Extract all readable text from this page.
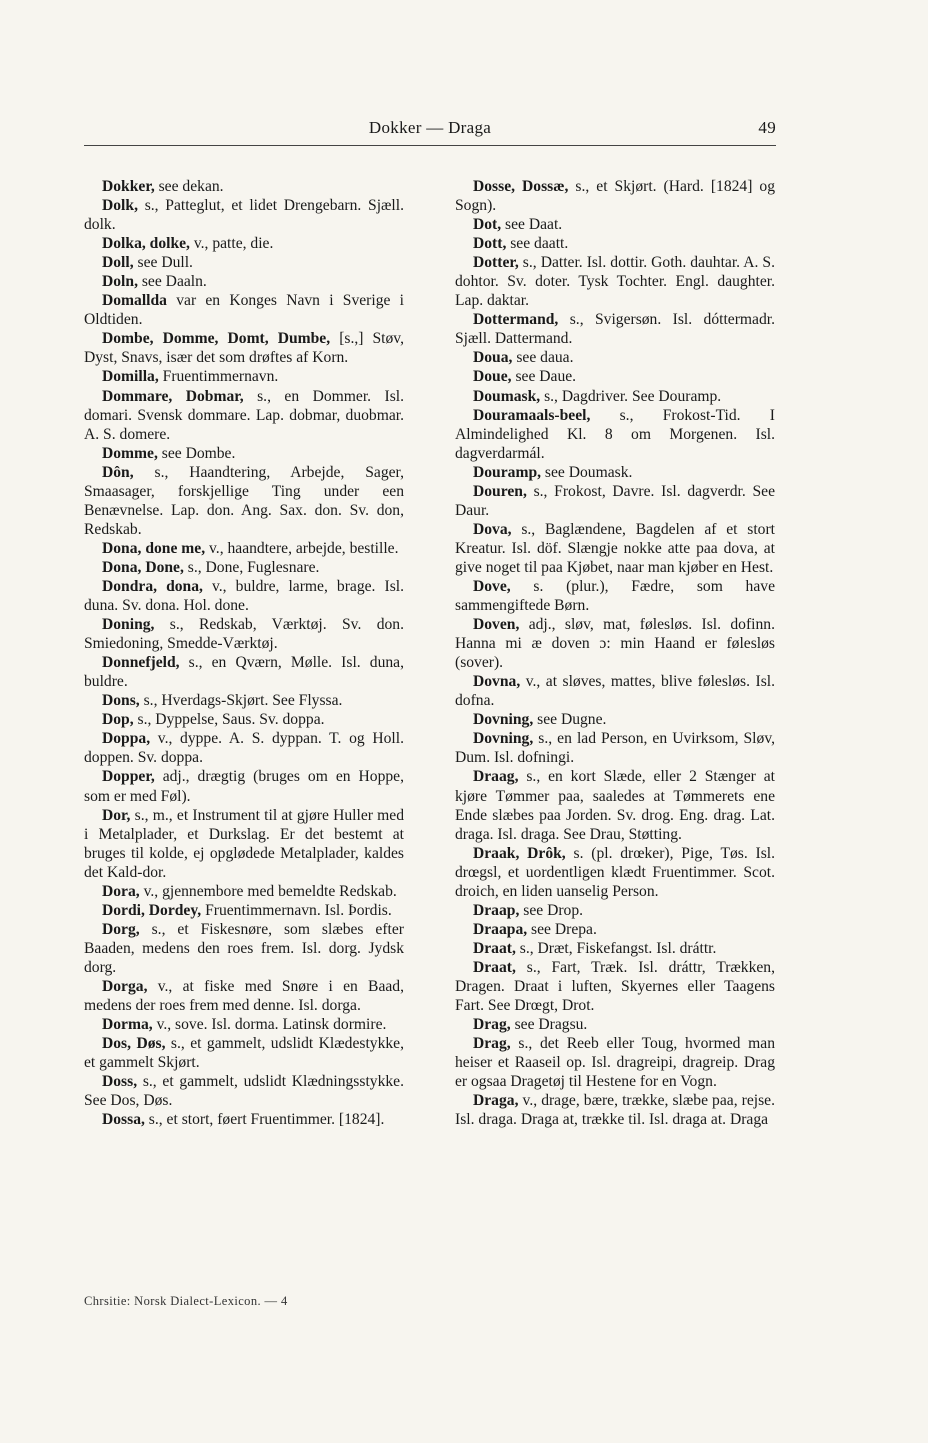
Dokker — Draga	49

Dokker, see dekan.

Dolk, s., Patteglut, et lidet Drengebarn. Sjæll. dolk.

Dolka, dolke, v., patte, die.

Doll, see Dull.

Doln, see Daaln.

Domallda var en Konges Navn i Sverige i Oldtiden.

Dombe, Domme, Domt, Dumbe, [s.,] Støv, Dyst, Snavs, især det som drøftes af Korn.

Domilla, Fruentimmernavn.

Dommare, Dobmar, s., en Dommer. Isl. domari. Svensk dommare. Lap. dobmar, duobmar. A. S. domere.

Domme, see Dombe.

Dôn, s., Haandtering, Arbejde, Sager, Smaasager, forskjellige Ting under een Benævnelse. Lap. don. Ang. Sax. don. Sv. don, Redskab.

Dona, done me, v., haandtere, arbejde, bestille.

Dona, Done, s., Done, Fuglesnare.

Dondra, dona, v., buldre, larme, brage. Isl. duna. Sv. dona. Hol. done.

Doning, s., Redskab, Værktøj. Sv. don. Smiedoning, Smedde-Værktøj.

Donnefjeld, s., en Qværn, Mølle. Isl. duna, buldre.

Dons, s., Hverdags-Skjørt. See Flyssa.

Dop, s., Dyppelse, Saus. Sv. doppa.

Doppa, v., dyppe. A. S. dyppan. T. og Holl. doppen. Sv. doppa.

Dopper, adj., drægtig (bruges om en Hoppe, som er med Føl).

Dor, s., m., et Instrument til at gjøre Huller med i Metalplader, et Durkslag. Er det bestemt at bruges til kolde, ej opglødede Metalplader, kaldes det Kald-dor.

Dora, v., gjennembore med bemeldte Redskab.

Dordi, Dordey, Fruentimmernavn. Isl. Þordis.

Dorg, s., et Fiskesnøre, som slæbes efter Baaden, medens den roes frem. Isl. dorg. Jydsk dorg.

Dorga, v., at fiske med Snøre i en Baad, medens der roes frem med denne. Isl. dorga.

Dorma, v., sove. Isl. dorma. Latinsk dormire.

Dos, Døs, s., et gammelt, udslidt Klædestykke, et gammelt Skjørt.

Doss, s., et gammelt, udslidt Klædningsstykke. See Dos, Døs.

Dossa, s., et stort, føert Fruentimmer. [1824].

Dosse, Dossæ, s., et Skjørt. (Hard. [1824] og Sogn).

Dot, see Daat.

Dott, see daatt.

Dotter, s., Datter. Isl. dottir. Goth. dauhtar. A. S. dohtor. Sv. doter. Tysk Tochter. Engl. daughter. Lap. daktar.

Dottermand, s., Svigersøn. Isl. dóttermadr. Sjæll. Dattermand.

Doua, see daua.

Doue, see Daue.

Doumask, s., Dagdriver. See Douramp.

Douramaals-beel, s., Frokost-Tid. I Almindelighed Kl. 8 om Morgenen. Isl. dagverdarmál.

Douramp, see Doumask.

Douren, s., Frokost, Davre. Isl. dagverdr. See Daur.

Dova, s., Baglændene, Bagdelen af et stort Kreatur. Isl. döf. Slængje nokke atte paa dova, at give noget til paa Kjøbet, naar man kjøber en Hest.

Dove, s. (plur.), Fædre, som have sammengiftede Børn.

Doven, adj., sløv, mat, følesløs. Isl. dofinn. Hanna mi æ doven ɔ: min Haand er følesløs (sover).

Dovna, v., at sløves, mattes, blive følesløs. Isl. dofna.

Dovning, see Dugne.

Dovning, s., en lad Person, en Uvirksom, Sløv, Dum. Isl. dofningi.

Draag, s., en kort Slæde, eller 2 Stænger at kjøre Tømmer paa, saaledes at Tømmerets ene Ende slæbes paa Jorden. Sv. drog. Eng. drag. Lat. draga. Isl. draga. See Drau, Støtting.

Draak, Drôk, s. (pl. drœker), Pige, Tøs. Isl. drœgsl, et uordentligen klædt Fruentimmer. Scot. droich, en liden uanselig Person.

Draap, see Drop.

Draapa, see Drepa.

Draat, s., Dræt, Fiskefangst. Isl. dráttr.

Draat, s., Fart, Træk. Isl. dráttr, Trækken, Dragen. Draat i luften, Skyernes eller Taagens Fart. See Drœgt, Drot.

Drag, see Dragsu.

Drag, s., det Reeb eller Toug, hvormed man heiser et Raaseil op. Isl. dragreipi, dragreip. Drag er ogsaa Dragetøj til Hestene for en Vogn.

Draga, v., drage, bære, trække, slæbe paa, rejse. Isl. draga. Draga at, trække til. Isl. draga at. Draga

Chrsitie: Norsk Dialect-Lexicon. — 4
